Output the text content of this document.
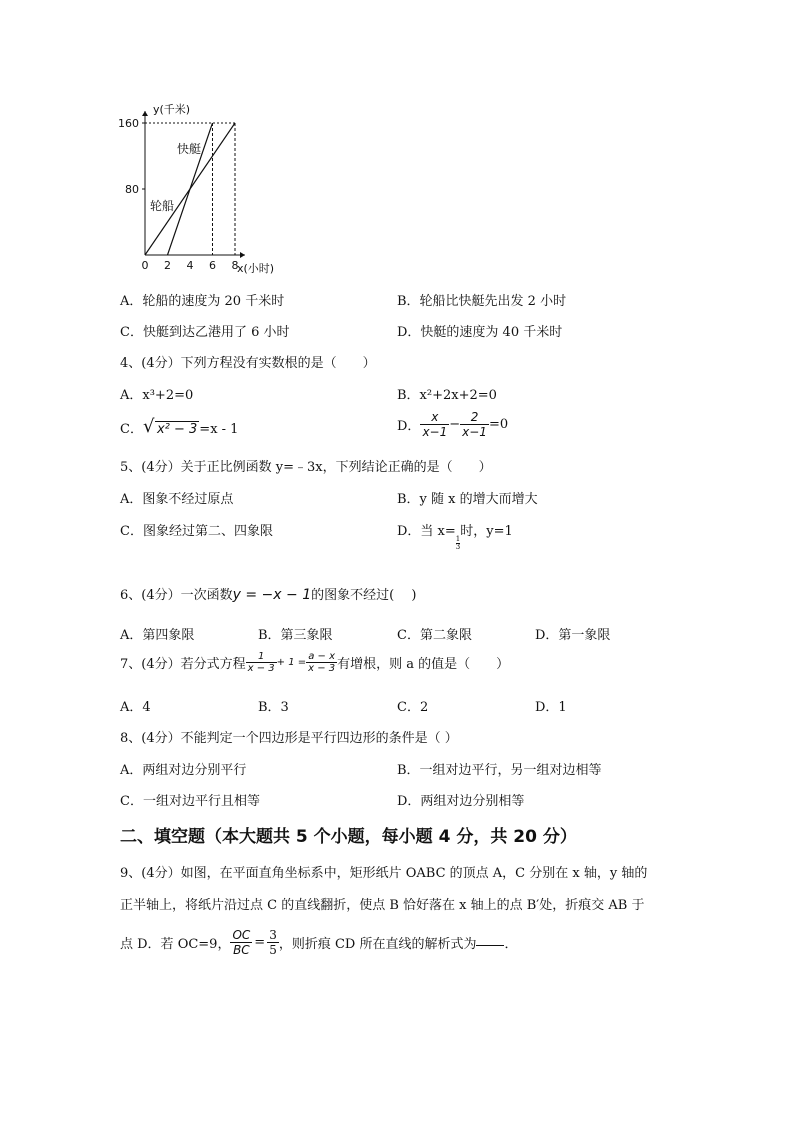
0 2 4 6 8
80
160
y(千米)
x(小时)
轮船
快艇
A．轮船的速度为 20 千米时	B．轮船比快艇先出发 2 小时
C．快艇到达乙港用了 6 小时	D．快艇的速度为 40 千米时
4、(4分）下列方程没有实数根的是（　　）
A．x³+2=0	B．x²+2x+2=0
C． √ x² − 3 =x - 1	D． $\frac{x}{x-1} - \frac{2}{x-1} =0$
5、(4分）关于正比例函数 y=﹣3x，下列结论正确的是（　　）
A．图象不经过原点	B．y 随 x 的增大而增大
C．图象经过第二、四象限	D．当 x=
$\frac{1}{3}$
时，y=1
6、(4分）一次函数y = −x − 1的图象不经过(　 )
A．第四象限	B．第三象限	C．第二象限	D．第一象限
7、(4分）若分式方程 $\frac{1}{x - 3} + 1 = \frac{a - x}{x - 3}$ 有增根，则 a 的值是（　　）
A．4	B．3	C．2	D．1
8、(4分）不能判定一个四边形是平行四边形的条件是（ ）
A．两组对边分别平行	B．一组对边平行，另一组对边相等
C．一组对边平行且相等	D．两组对边分别相等
二、填空题（本大题共 5 个小题，每小题 4 分，共 20 分）
9、(4分）如图，在平面直角坐标系中，矩形纸片 OABC 的顶点 A，C 分别在 x 轴，y 轴的
正半轴上，将纸片沿过点 C 的直线翻折，使点 B 恰好落在 x 轴上的点 B′处，折痕交 AB 于
点 D．若 OC=9， $\frac{OC}{BC} = \frac{3}{5}$ ，则折痕 CD 所在直线的解析式为 ．
